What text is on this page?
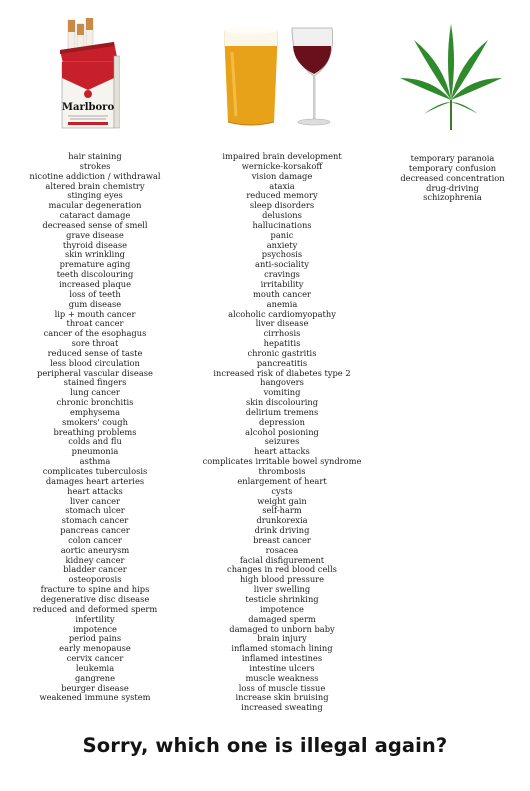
Marlboro
hair staining
strokes
nicotine addiction / withdrawal
altered brain chemistry
stinging eyes
macular degeneration
cataract damage
decreased sense of smell
grave disease
thyroid disease
skin wrinkling
premature aging
teeth discolouring
increased plaque
loss of teeth
gum disease
lip + mouth cancer
throat cancer
cancer of the esophagus
sore throat
reduced sense of taste
less blood circulation
peripheral vascular disease
stained fingers
lung cancer
chronic bronchitis
emphysema
smokers' cough
breathing problems
colds and flu
pneumonia
asthma
complicates tuberculosis
damages heart arteries
heart attacks
liver cancer
stomach ulcer
stomach cancer
pancreas cancer
colon cancer
aortic aneurysm
kidney cancer
bladder cancer
osteoporosis
fracture to spine and hips
degenerative disc disease
reduced and deformed sperm
infertility
impotence
period pains
early menopause
cervix cancer
leukemia
gangrene
beurger disease
weakened immune system
impaired brain development
wernicke-korsakoff
vision damage
ataxia
reduced memory
sleep disorders
delusions
hallucinations
panic
anxiety
psychosis
anti-sociality
cravings
irritability
mouth cancer
anemia
alcoholic cardiomyopathy
liver disease
cirrhosis
hepatitis
chronic gastritis
pancreatitis
increased risk of diabetes type 2
hangovers
vomiting
skin discolouring
delirium tremens
depression
alcohol posioning
seizures
heart attacks
complicates irritable bowel syndrome
thrombosis
enlargement of heart
cysts
weight gain
self-harm
drunkorexia
drink driving
breast cancer
rosacea
facial disfigurement
changes in red blood cells
high blood pressure
liver swelling
testicle shrinking
impotence
damaged sperm
damaged to unborn baby
brain injury
inflamed stomach lining
inflamed intestines
intestine ulcers
muscle weakness
loss of muscle tissue
increase skin bruising
increased sweating
temporary paranoia
temporary confusion
decreased concentration
drug-driving
schizophrenia

Sorry, which one is illegal again?
